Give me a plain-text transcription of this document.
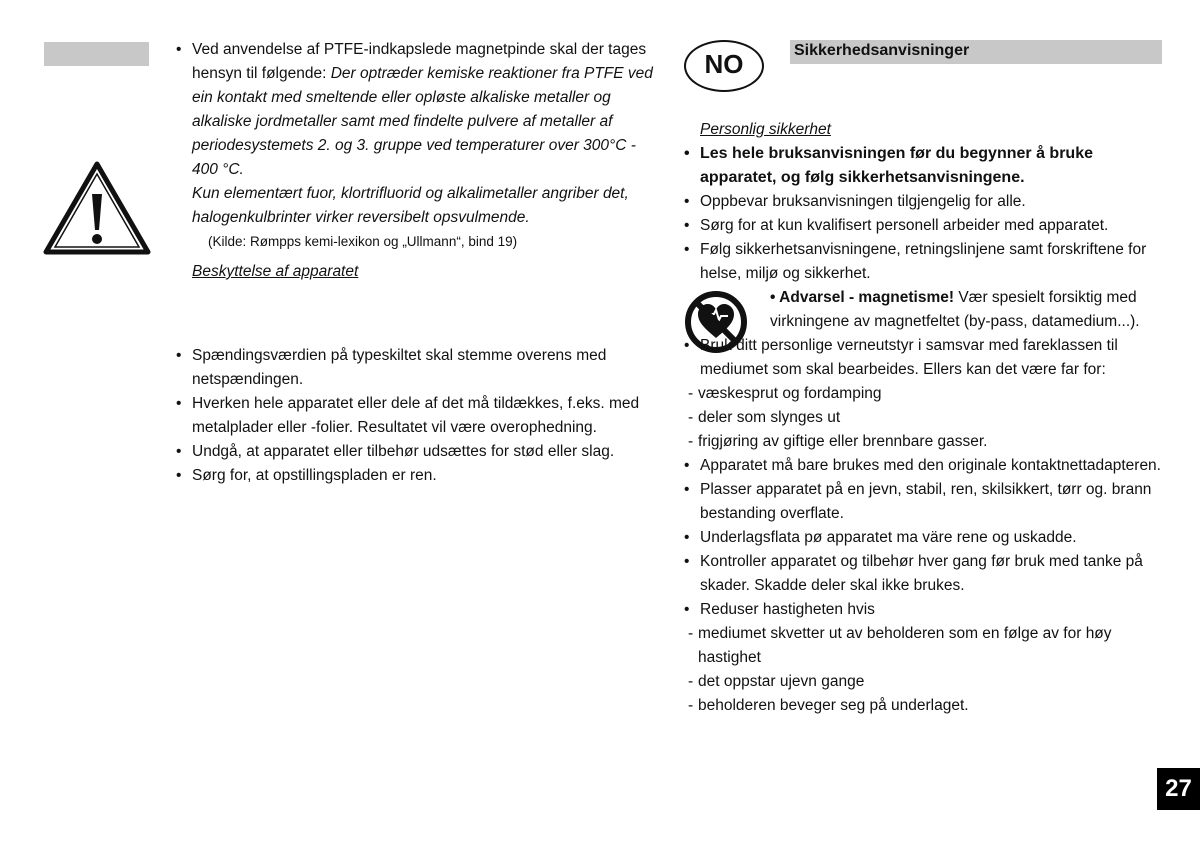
• Ved anvendelse af PTFE-indkapslede magnetpinde skal der tages hensyn til følgende: Der optræder kemiske reaktioner fra PTFE ved ein kontakt med smeltende eller opløste alkaliske metaller og alkaliske jordmetaller samt med findelte pulvere af metaller af periodesystemets 2. og 3. gruppe ved temperaturer over 300°C - 400 °C.
Kun elementært fuor, klortrifluorid og alkalimetaller angriber det, halogenkulbrinter virker reversibelt opsvulmende.
(Kilde: Rømpps kemi-lexikon og „Ullmann“, bind 19)
Beskyttelse af apparatet
• Spændingsværdien på typeskiltet skal stemme overens med netspændingen.
• Hverken hele apparatet eller dele af det må tildækkes, f.eks. med metalplader eller -folier. Resultatet vil være overophedning.
• Undgå, at apparatet eller tilbehør udsættes for stød eller slag.
• Sørg for, at opstillingspladen er ren.
NO	Sikkerhedsanvisninger
Personlig sikkerhet
• Les hele bruksanvisningen før du begynner å bruke apparatet, og følg sikkerhetsanvisningene.
• Oppbevar bruksanvisningen tilgjengelig for alle.
• Sørg for at kun kvalifisert personell arbeider med apparatet.
• Følg sikkerhetsanvisningene, retningslinjene samt forskriftene for helse, miljø og sikkerhet.
• Advarsel - magnetisme! Vær spesielt forsiktig med virkningene av magnetfeltet (by-pass, datamedium...).
• Bruk ditt personlige verneutstyr i samsvar med fareklassen til mediumet som skal bearbeides. Ellers kan det være far for:
- væskesprut og fordamping
- deler som slynges ut
- frigjøring av giftige eller brennbare gasser.
• Apparatet må bare brukes med den originale kontaktnettadapteren.
• Plasser apparatet på en jevn, stabil, ren, skilsikkert, tørr og. brann bestanding overflate.
• Underlagsflata pø apparatet ma väre rene og uskadde.
• Kontroller apparatet og tilbehør hver gang før bruk med tanke på skader. Skadde deler skal ikke brukes.
• Reduser hastigheten hvis
- mediumet skvetter ut av beholderen som en følge av for høy hastighet
- det oppstar ujevn gange
- beholderen beveger seg på underlaget.
27
